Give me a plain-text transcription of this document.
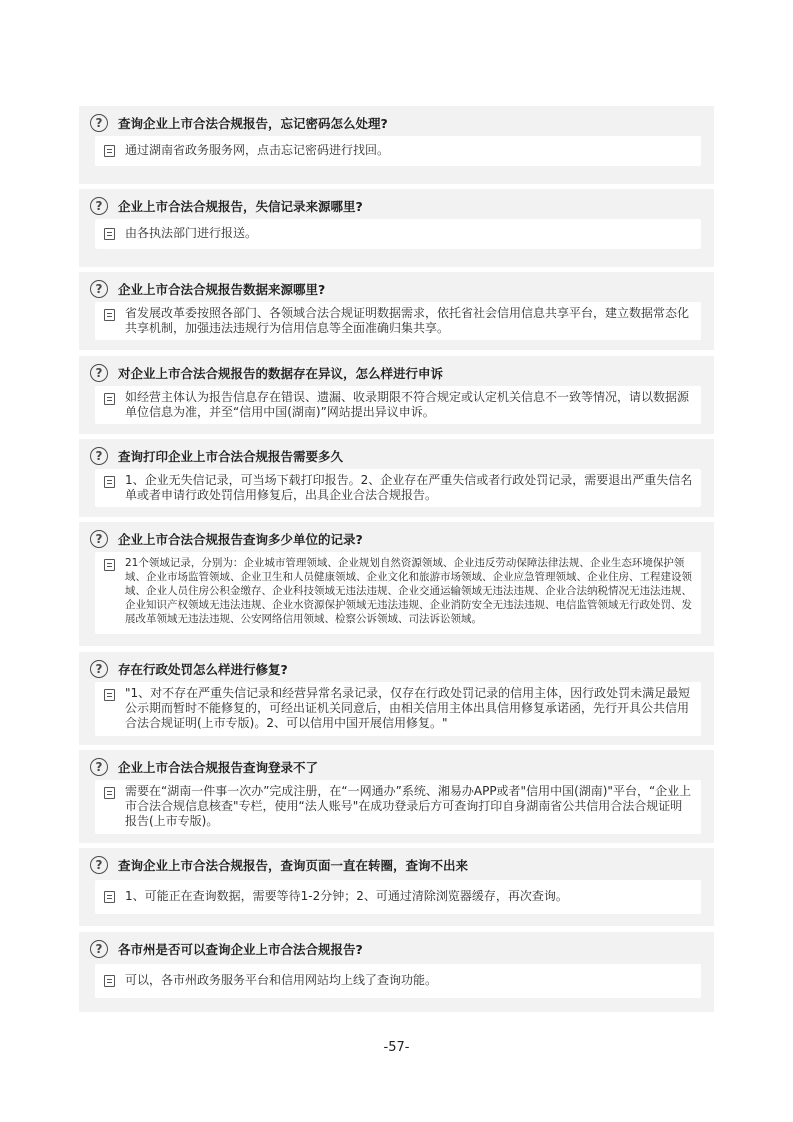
?	查询企业上市合法合规报告，忘记密码怎么处理?
通过湖南省政务服务网，点击忘记密码进行找回。
?	企业上市合法合规报告，失信记录来源哪里?
由各执法部门进行报送。
?	企业上市合法合规报告数据来源哪里?
省发展改革委按照各部门、各领域合法合规证明数据需求，依托省社会信用信息共享平台，建立数据常态化共享机制，加强违法违规行为信用信息等全面准确归集共享。
?	对企业上市合法合规报告的数据存在异议，怎么样进行申诉
如经营主体认为报告信息存在错误、遗漏、收录期限不符合规定或认定机关信息不一致等情况，请以数据源单位信息为准，并至“信用中国(湖南)”网站提出异议申诉。
?	查询打印企业上市合法合规报告需要多久
1、企业无失信记录，可当场下载打印报告。2、企业存在严重失信或者行政处罚记录，需要退出严重失信名单或者申请行政处罚信用修复后，出具企业合法合规报告。
?	企业上市合法合规报告查询多少单位的记录?
21个领域记录，分别为：企业城市管理领域、企业规划自然资源领域、企业违反劳动保障法律法规、企业生态环境保护领域、企业市场监管领域、企业卫生和人员健康领域、企业文化和旅游市场领域、企业应急管理领域、企业住房、工程建设领域、企业人员住房公积金缴存、企业科技领域无违法违规、企业交通运输领域无违法违规、企业合法纳税情况无违法违规、企业知识产权领域无违法违规、企业水资源保护领域无违法违规、企业消防安全无违法违规、电信监管领域无行政处罚、发展改革领域无违法违规、公安网络信用领域、检察公诉领域、司法诉讼领域。
?	存在行政处罚怎么样进行修复?
"1、对不存在严重失信记录和经营异常名录记录，仅存在行政处罚记录的信用主体，因行政处罚未满足最短公示期而暂时不能修复的，可经出证机关同意后，由相关信用主体出具信用修复承诺函，先行开具公共信用合法合规证明(上市专版)。2、可以信用中国开展信用修复。"
?	企业上市合法合规报告查询登录不了
需要在“湖南一件事一次办”完成注册，在“一网通办”系统、湘易办APP或者"信用中国(湖南)"平台，“企业上市合法合规信息核查"专栏，使用“法人账号"在成功登录后方可查询打印自身湖南省公共信用合法合规证明报告(上市专版)。
?	查询企业上市合法合规报告，查询页面一直在转圈，查询不出来
1、可能正在查询数据，需要等待1-2分钟；2、可通过清除浏览器缓存，再次查询。
?	各市州是否可以查询企业上市合法合规报告?
可以，各市州政务服务平台和信用网站均上线了查询功能。
-57-
